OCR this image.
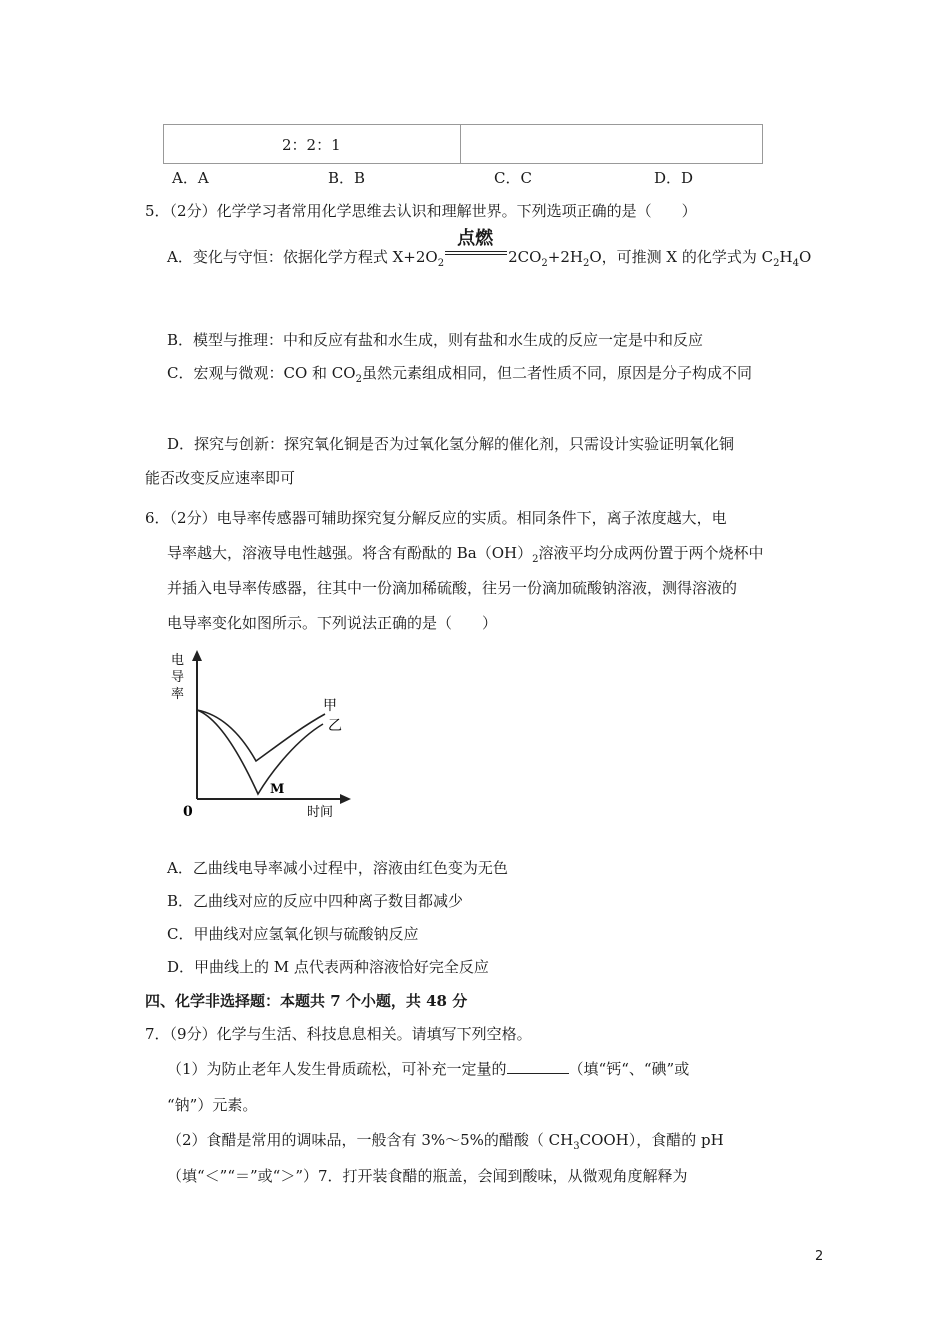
2：2：1
A．A	B．B	C．C	D．D
5．（2分）化学学习者常用化学思维去认识和理解世界。下列选项正确的是（　　）
A．变化与守恒：依据化学方程式 $X+2O_2$
点燃
$2CO_2+2H_2O$，可推测 X 的化学式为 $C_2H_4O$
B．模型与推理：中和反应有盐和水生成，则有盐和水生成的反应一定是中和反应
C．宏观与微观：CO 和 $CO_2$虽然元素组成相同，但二者性质不同，原因是分子构成不同
D．探究与创新：探究氧化铜是否为过氧化氢分解的催化剂，只需设计实验证明氧化铜
能否改变反应速率即可
6．（2分）电导率传感器可辅助探究复分解反应的实质。相同条件下，离子浓度越大，电
导率越大，溶液导电性越强。将含有酚酞的 $Ba(OH)_2$溶液平均分成两份置于两个烧杯中
并插入电导率传感器，往其中一份滴加稀硫酸，往另一份滴加硫酸钠溶液，测得溶液的
电导率变化如图所示。下列说法正确的是（　　）
电
导
率
0	时间
甲
乙
M
A．乙曲线电导率减小过程中，溶液由红色变为无色
B．乙曲线对应的反应中四种离子数目都减少
C．甲曲线对应氢氧化钡与硫酸钠反应
D．甲曲线上的 M 点代表两种溶液恰好完全反应
四、化学非选择题：本题共 7 个小题，共 48 分
7．（9分）化学与生活、科技息息相关。请填写下列空格。
（1）为防止老年人发生骨质疏松，可补充一定量的	（填“钙“、“碘”或
“钠”）元素。
（2）食醋是常用的调味品，一般含有 3%～5%的醋酸（ $CH_3COOH$），食醋的 pH
（填“＜”“＝”或“＞”）7．打开装食醋的瓶盖，会闻到酸味，从微观角度解释为
2
